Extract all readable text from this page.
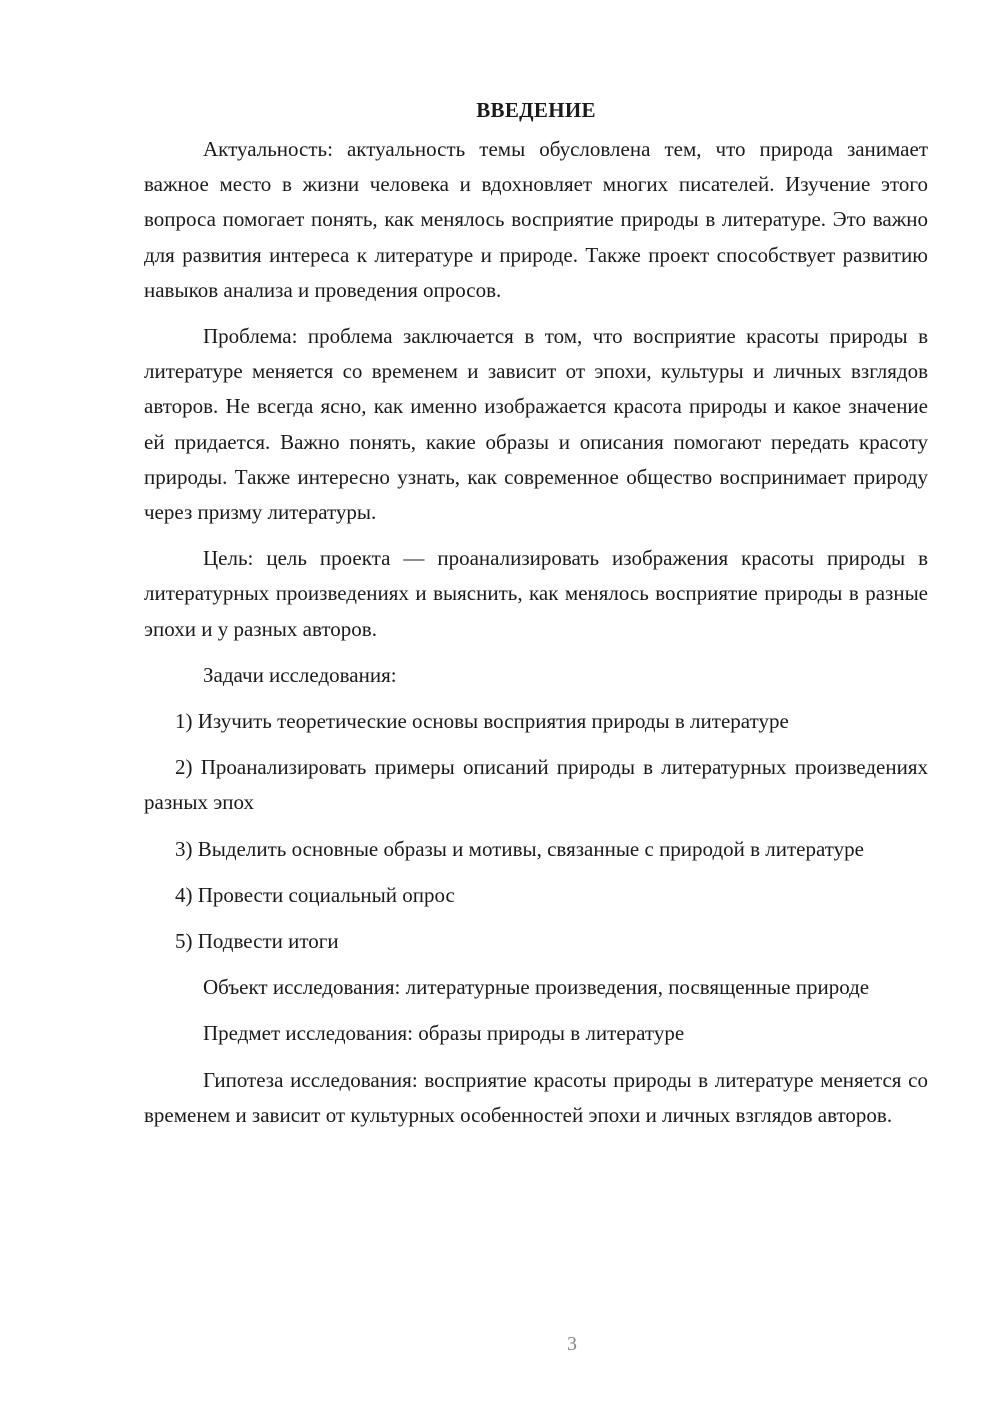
ВВЕДЕНИЕ

Актуальность: актуальность темы обусловлена тем, что природа занимает важное место в жизни человека и вдохновляет многих писателей. Изучение этого вопроса помогает понять, как менялось восприятие природы в литературе. Это важно для развития интереса к литературе и природе. Также проект способствует развитию навыков анализа и проведения опросов.

Проблема: проблема заключается в том, что восприятие красоты природы в литературе меняется со временем и зависит от эпохи, культуры и личных взглядов авторов. Не всегда ясно, как именно изображается красота природы и какое значение ей придается. Важно понять, какие образы и описания помогают передать красоту природы. Также интересно узнать, как современное общество воспринимает природу через призму литературы.

Цель: цель проекта — проанализировать изображения красоты природы в литературных произведениях и выяснить, как менялось восприятие природы в разные эпохи и у разных авторов.

Задачи исследования:

1) Изучить теоретические основы восприятия природы в литературе

2) Проанализировать примеры описаний природы в литературных произведениях разных эпох

3) Выделить основные образы и мотивы, связанные с природой в литературе

4) Провести социальный опрос

5) Подвести итоги

Объект исследования: литературные произведения, посвященные природе

Предмет исследования: образы природы в литературе

Гипотеза исследования: восприятие красоты природы в литературе меняется со временем и зависит от культурных особенностей эпохи и личных взглядов авторов.

3
